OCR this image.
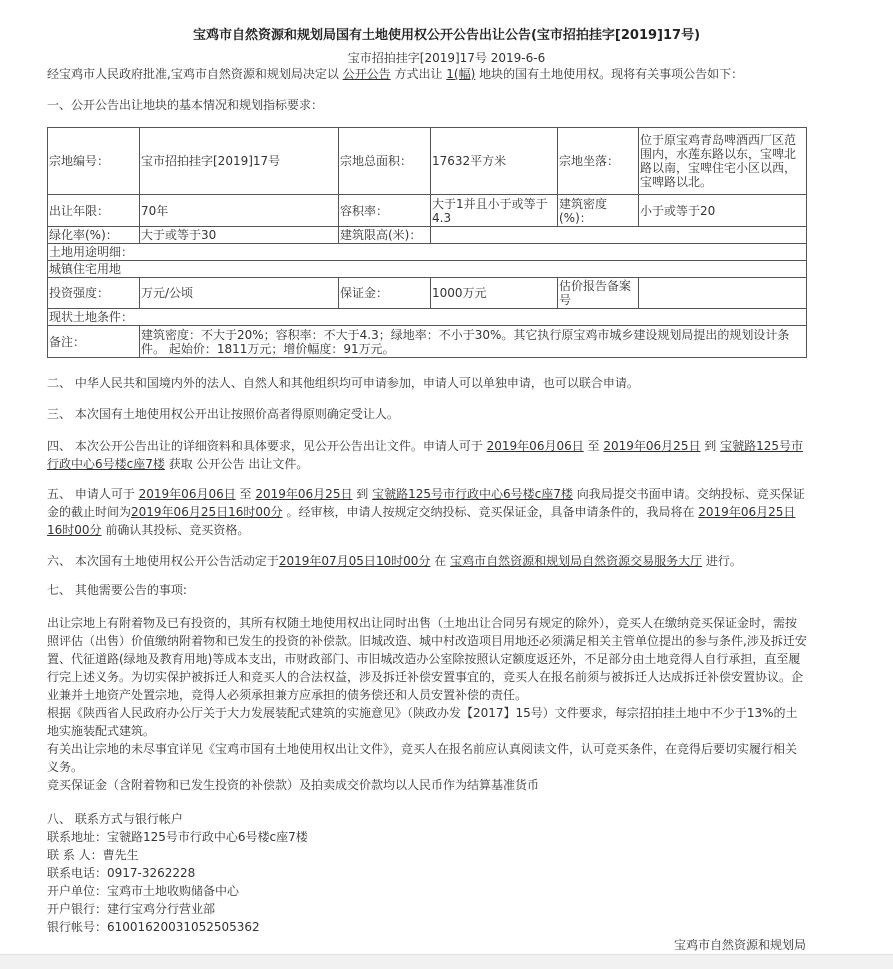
宝鸡市自然资源和规划局国有土地使用权公开公告出让公告(宝市招拍挂字[2019]17号)
宝市招拍挂字[2019]17号 2019-6-6
经宝鸡市人民政府批准,宝鸡市自然资源和规划局决定以 公开公告 方式出让 1(幅) 地块的国有土地使用权。现将有关事项公告如下：
一、公开公告出让地块的基本情况和规划指标要求：
宗地编号：	宝市招拍挂字[2019]17号	宗地总面积：	17632平方米	宗地坐落：	位于原宝鸡青岛啤酒西厂区范围内，水莲东路以东，宝啤北路以南，宝啤住宅小区以西，宝啤路以北。
出让年限：	70年	容积率：	大于1并且小于或等于4.3	建筑密度(%)：	小于或等于20
绿化率(%)：	大于或等于30	建筑限高(米)：			
土地用途明细：					
城镇住宅用地					
投资强度：	万元/公顷	保证金：	1000万元	估价报告备案号	
现状土地条件：					
备注：	建筑密度：不大于20%；容积率：不大于4.3；绿地率：不小于30%。其它执行原宝鸡市城乡建设规划局提出的规划设计条件。 起始价：1811万元；增价幅度：91万元。				
二、 中华人民共和国境内外的法人、自然人和其他组织均可申请参加，申请人可以单独申请，也可以联合申请。
三、 本次国有土地使用权公开出让按照价高者得原则确定受让人。
四、 本次公开公告出让的详细资料和具体要求，见公开公告出让文件。申请人可于 2019年06月06日 至 2019年06月25日 到 宝虢路125号市行政中心6号楼c座7楼 获取 公开公告 出让文件。
五、 申请人可于 2019年06月06日 至 2019年06月25日 到 宝虢路125号市行政中心6号楼c座7楼 向我局提交书面申请。交纳投标、竞买保证金的截止时间为2019年06月25日16时00分 。经审核，申请人按规定交纳投标、竞买保证金，具备申请条件的，我局将在 2019年06月25日16时00分 前确认其投标、竞买资格。
六、 本次国有土地使用权公开公告活动定于2019年07月05日10时00分 在 宝鸡市自然资源和规划局自然资源交易服务大厅 进行。
七、 其他需要公告的事项:
出让宗地上有附着物及已有投资的，其所有权随土地使用权出让同时出售（土地出让合同另有规定的除外），竞买人在缴纳竞买保证金时，需按照评估（出售）价值缴纳附着物和已发生的投资的补偿款。旧城改造、城中村改造项目用地还必须满足相关主管单位提出的参与条件,涉及拆迁安置、代征道路(绿地及教育用地)等成本支出，市财政部门、市旧城改造办公室除按照认定额度返还外，不足部分由土地竞得人自行承担，直至履行完上述义务。为切实保护被拆迁人和竞买人的合法权益，涉及拆迁补偿安置事宜的，竞买人在报名前须与被拆迁人达成拆迁补偿安置协议。企业兼并土地资产处置宗地，竞得人必须承担兼方应承担的债务偿还和人员安置补偿的责任。
根据《陕西省人民政府办公厅关于大力发展装配式建筑的实施意见》（陕政办发【2017】15号）文件要求，每宗招拍挂土地中不少于13%的土地实施装配式建筑。
有关出让宗地的未尽事宜详见《宝鸡市国有土地使用权出让文件》，竞买人在报名前应认真阅读文件，认可竞买条件，在竞得后要切实履行相关义务。
竞买保证金（含附着物和已发生投资的补偿款）及拍卖成交价款均以人民币作为结算基准货币
八、 联系方式与银行帐户
联系地址：宝虢路125号市行政中心6号楼c座7楼
联 系 人：曹先生
联系电话：0917-3262228
开户单位：宝鸡市土地收购储备中心
开户银行：建行宝鸡分行营业部
银行帐号：61001620031052505362
宝鸡市自然资源和规划局
